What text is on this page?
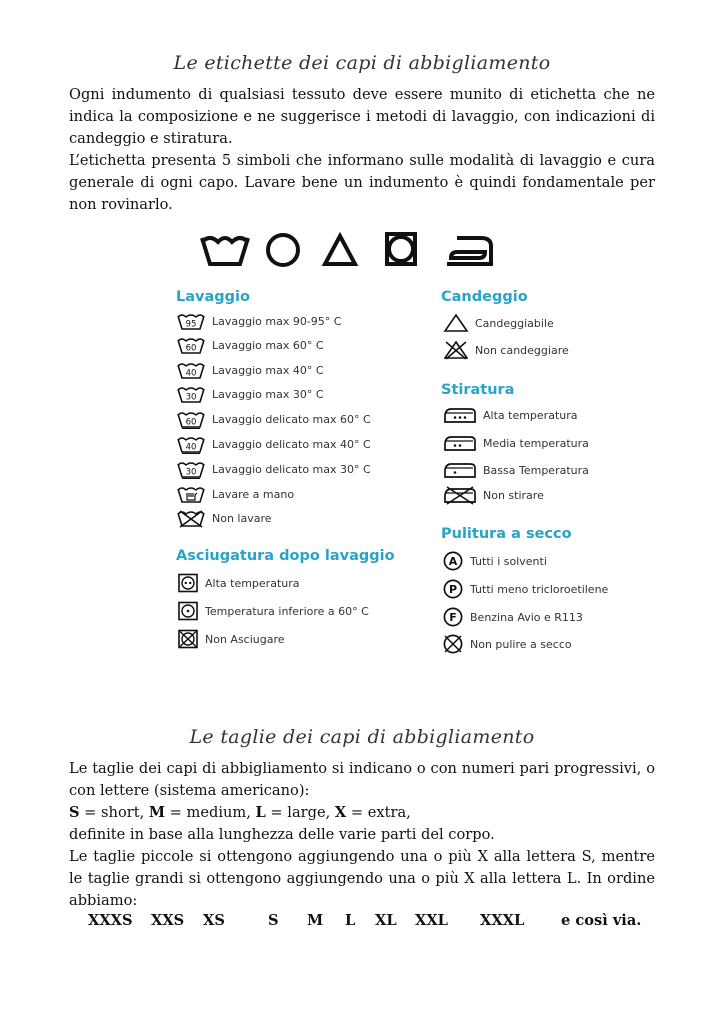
Le etichette dei capi di abbigliamento

Ogni indumento di qualsiasi tessuto deve essere munito di etichetta che ne indica la composizione e ne suggerisce i metodi di lavaggio, con indicazioni di candeggio e stiratura.

L’etichetta presenta 5 simboli che informano sulle modalità di lavaggio e cura generale di ogni capo. Lavare bene un indumento è quindi fondamentale per non rovinarlo.

Lavaggio
95 Lavaggio max 90-95° C
60 Lavaggio max 60° C
40 Lavaggio max 40° C
30 Lavaggio max 30° C
60 Lavaggio delicato max 60° C
40 Lavaggio delicato max 40° C
30 Lavaggio delicato max 30° C
Lavare a mano
Non lavare
Asciugatura dopo lavaggio
Alta temperatura
Temperatura inferiore a 60° C
Non Asciugare
Candeggio
Candeggiabile
Non candeggiare
Stiratura
Alta temperatura
Media temperatura
Bassa Temperatura
Non stirare
Pulitura a secco
A Tutti i solventi
P Tutti meno tricloroetilene
F Benzina Avio e R113
Non pulire a secco
Le taglie dei capi di abbigliamento

Le taglie dei capi di abbigliamento si indicano o con numeri pari progressivi, o con lettere (sistema americano):

S = short, M = medium, L = large, X = extra,

definite in base alla lunghezza delle varie parti del corpo.

Le taglie piccole si ottengono aggiungendo una o più X alla lettera S, mentre le taglie grandi si ottengono aggiungendo una o più X alla lettera L. In ordine abbiamo:

XXXS XXS XS	S M L XL XXL XXXL	e così via.
